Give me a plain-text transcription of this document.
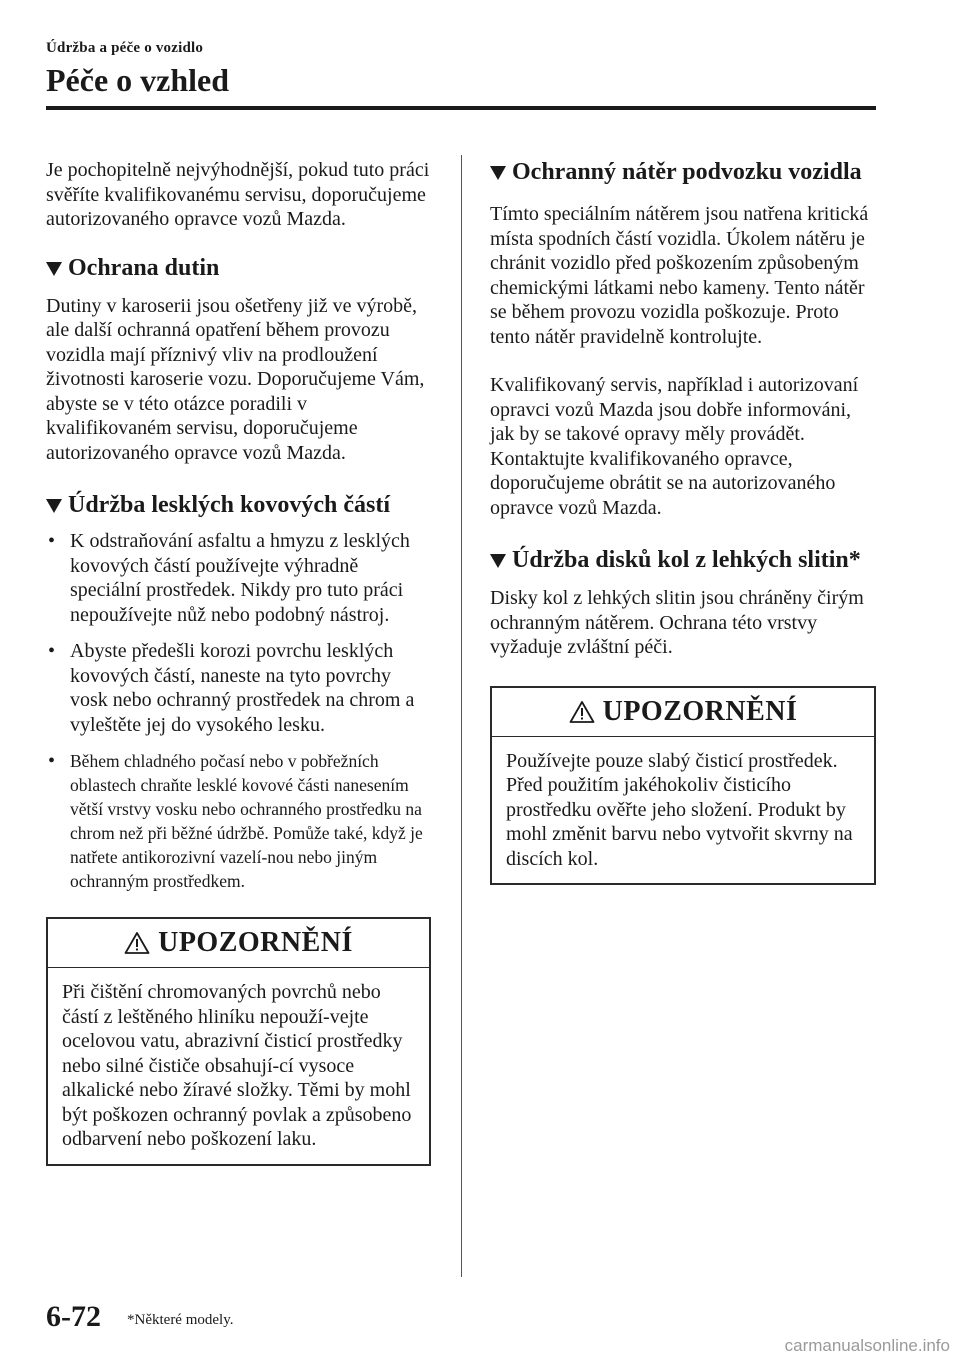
Údržba a péče o vozidlo
Péče o vzhled

Je pochopitelně nejvýhodnější, pokud tuto práci svěříte kvalifikovanému servisu, doporučujeme autorizovaného opravce vozů Mazda.

Ochrana dutin

Dutiny v karoserii jsou ošetřeny již ve výrobě, ale další ochranná opatření během provozu vozidla mají příznivý vliv na prodloužení životnosti karoserie vozu. Doporučujeme Vám, abyste se v této otázce poradili v kvalifikovaném servisu, doporučujeme autorizovaného opravce vozů Mazda.

Údržba lesklých kovových částí
• K odstraňování asfaltu a hmyzu z lesklých kovových částí používejte výhradně speciální prostředek. Nikdy pro tuto práci nepoužívejte nůž nebo podobný nástroj.
• Abyste předešli korozi povrchu lesklých kovových částí, naneste na tyto povrchy vosk nebo ochranný prostředek na chrom a vyleštěte jej do vysokého lesku.
• Během chladného počasí nebo v pobřežních oblastech chraňte lesklé kovové části nanesením větší vrstvy vosku nebo ochranného prostředku na chrom než při běžné údržbě. Pomůže také, když je natřete antikorozivní vazelí-nou nebo jiným ochranným prostředkem.
UPOZORNĚNÍ
Při čištění chromovaných povrchů nebo částí z leštěného hliníku nepouží-vejte ocelovou vatu, abrazivní čisticí prostředky nebo silné čističe obsahují-cí vysoce alkalické nebo žíravé složky. Těmi by mohl být poškozen ochranný povlak a způsobeno odbarvení nebo poškození laku.
Ochranný nátěr podvozku vozidla

Tímto speciálním nátěrem jsou natřena kritická místa spodních částí vozidla. Úkolem nátěru je chránit vozidlo před poškozením způsobeným chemickými látkami nebo kameny. Tento nátěr se během provozu vozidla poškozuje. Proto tento nátěr pravidelně kontrolujte.

Kvalifikovaný servis, například i autorizovaní opravci vozů Mazda jsou dobře informováni, jak by se takové opravy měly provádět. Kontaktujte kvalifikovaného opravce, doporučujeme obrátit se na autorizovaného opravce vozů Mazda.

Údržba disků kol z lehkých slitin*

Disky kol z lehkých slitin jsou chráněny čirým ochranným nátěrem. Ochrana této vrstvy vyžaduje zvláštní péči.

UPOZORNĚNÍ
Používejte pouze slabý čisticí prostředek. Před použitím jakéhokoliv čisticího prostředku ověřte jeho složení. Produkt by mohl změnit barvu nebo vytvořit skvrny na discích kol.
6-72 *Některé modely.
carmanualsonline.info
